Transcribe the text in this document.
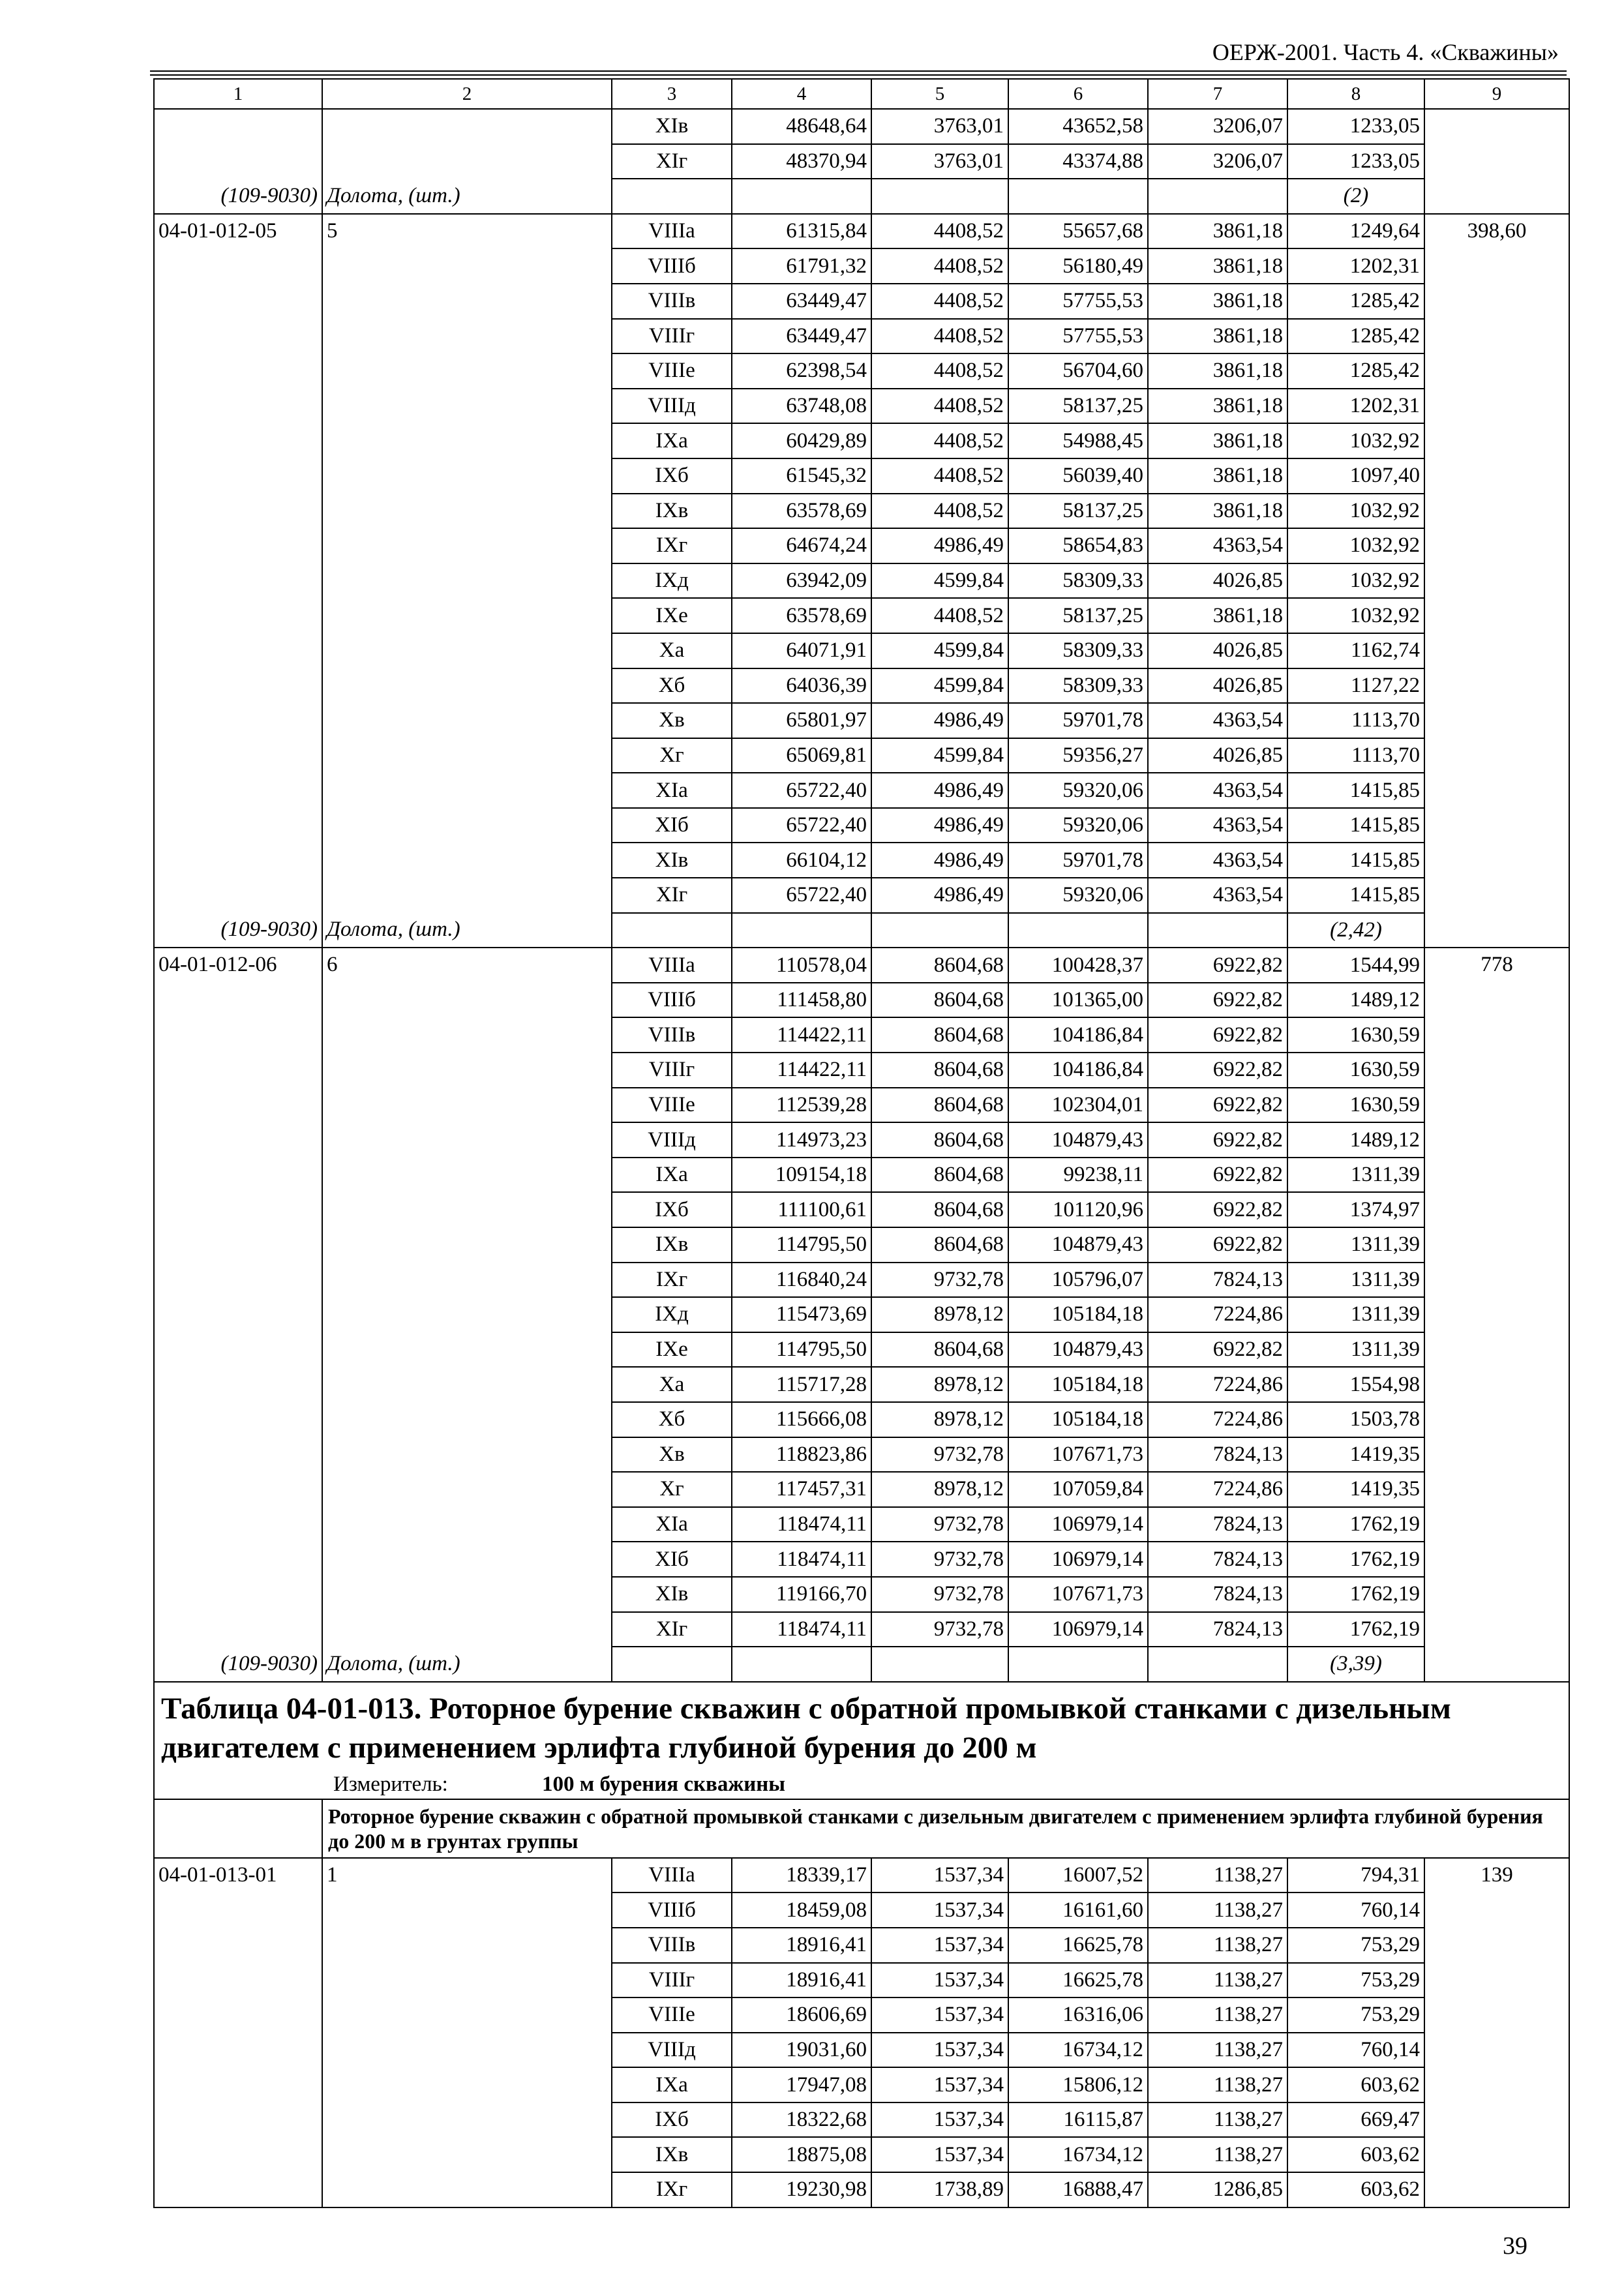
ОЕРЖ-2001. Часть 4. «Скважины»
1	2	3	4	5	6	7	8	9
		XIв	48648,64	3763,01	43652,58	3206,07	1233,05	
		XIг	48370,94	3763,01	43374,88	3206,07	1233,05	
(109-9030)	Долота, (шт.)						(2)	
04-01-012-05	5	VIIIа	61315,84	4408,52	55657,68	3861,18	1249,64	398,60
		VIIIб	61791,32	4408,52	56180,49	3861,18	1202,31	
		VIIIв	63449,47	4408,52	57755,53	3861,18	1285,42	
		VIIIг	63449,47	4408,52	57755,53	3861,18	1285,42	
		VIIIе	62398,54	4408,52	56704,60	3861,18	1285,42	
		VIIIд	63748,08	4408,52	58137,25	3861,18	1202,31	
		IXа	60429,89	4408,52	54988,45	3861,18	1032,92	
		IXб	61545,32	4408,52	56039,40	3861,18	1097,40	
		IXв	63578,69	4408,52	58137,25	3861,18	1032,92	
		IXг	64674,24	4986,49	58654,83	4363,54	1032,92	
		IXд	63942,09	4599,84	58309,33	4026,85	1032,92	
		IXе	63578,69	4408,52	58137,25	3861,18	1032,92	
		Xа	64071,91	4599,84	58309,33	4026,85	1162,74	
		Xб	64036,39	4599,84	58309,33	4026,85	1127,22	
		Xв	65801,97	4986,49	59701,78	4363,54	1113,70	
		Xг	65069,81	4599,84	59356,27	4026,85	1113,70	
		XIа	65722,40	4986,49	59320,06	4363,54	1415,85	
		XIб	65722,40	4986,49	59320,06	4363,54	1415,85	
		XIв	66104,12	4986,49	59701,78	4363,54	1415,85	
		XIг	65722,40	4986,49	59320,06	4363,54	1415,85	
(109-9030)	Долота, (шт.)						(2,42)	
04-01-012-06	6	VIIIа	110578,04	8604,68	100428,37	6922,82	1544,99	778
		VIIIб	111458,80	8604,68	101365,00	6922,82	1489,12	
		VIIIв	114422,11	8604,68	104186,84	6922,82	1630,59	
		VIIIг	114422,11	8604,68	104186,84	6922,82	1630,59	
		VIIIе	112539,28	8604,68	102304,01	6922,82	1630,59	
		VIIIд	114973,23	8604,68	104879,43	6922,82	1489,12	
		IXа	109154,18	8604,68	99238,11	6922,82	1311,39	
		IXб	111100,61	8604,68	101120,96	6922,82	1374,97	
		IXв	114795,50	8604,68	104879,43	6922,82	1311,39	
		IXг	116840,24	9732,78	105796,07	7824,13	1311,39	
		IXд	115473,69	8978,12	105184,18	7224,86	1311,39	
		IXе	114795,50	8604,68	104879,43	6922,82	1311,39	
		Xа	115717,28	8978,12	105184,18	7224,86	1554,98	
		Xб	115666,08	8978,12	105184,18	7224,86	1503,78	
		Xв	118823,86	9732,78	107671,73	7824,13	1419,35	
		Xг	117457,31	8978,12	107059,84	7224,86	1419,35	
		XIа	118474,11	9732,78	106979,14	7824,13	1762,19	
		XIб	118474,11	9732,78	106979,14	7824,13	1762,19	
		XIв	119166,70	9732,78	107671,73	7824,13	1762,19	
		XIг	118474,11	9732,78	106979,14	7824,13	1762,19	
(109-9030)	Долота, (шт.)						(3,39)	
Таблица 04-01-013. Роторное бурение скважин с обратной промывкой станками с дизельным двигателем с применением эрлифта глубиной бурения до 200 м								
Измеритель: 100 м бурения скважины								
	Роторное бурение скважин с обратной промывкой станками с дизельным двигателем с применением эрлифта глубиной бурения до 200 м в грунтах группы							
04-01-013-01	1	VIIIа	18339,17	1537,34	16007,52	1138,27	794,31	139
		VIIIб	18459,08	1537,34	16161,60	1138,27	760,14	
		VIIIв	18916,41	1537,34	16625,78	1138,27	753,29	
		VIIIг	18916,41	1537,34	16625,78	1138,27	753,29	
		VIIIе	18606,69	1537,34	16316,06	1138,27	753,29	
		VIIIд	19031,60	1537,34	16734,12	1138,27	760,14	
		IXа	17947,08	1537,34	15806,12	1138,27	603,62	
		IXб	18322,68	1537,34	16115,87	1138,27	669,47	
		IXв	18875,08	1537,34	16734,12	1138,27	603,62	
		IXг	19230,98	1738,89	16888,47	1286,85	603,62	
39
